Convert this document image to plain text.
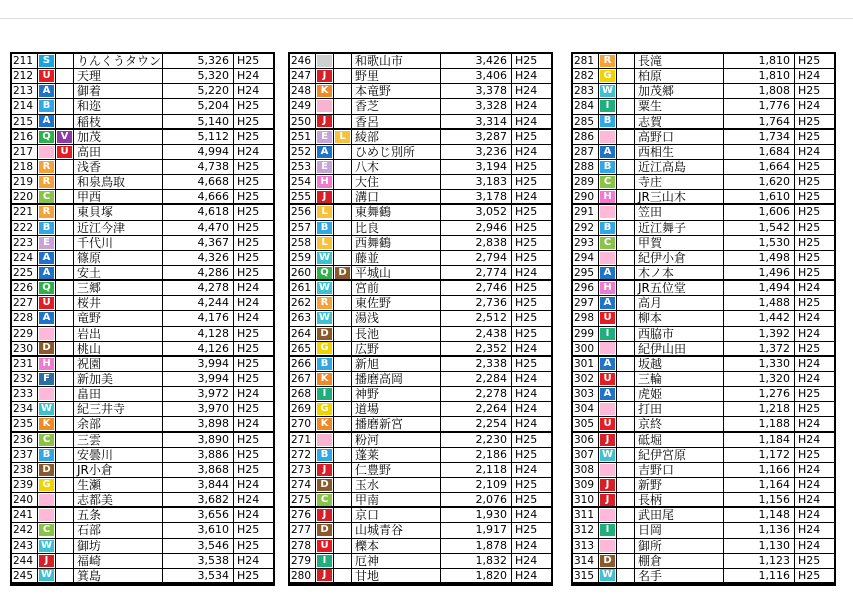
211 S	りんくうタウン	5,326 H25
212 U 天理	5,320 H24
213 A	御着	5,220 H24
214 B	和迩	5,204 H25
215 A	稲枝	5,140 H25
216 Q V 加茂	5,112 H25
217	U 高田	4,994 H24
218 R	浅香	4,738 H25
219 R	和泉鳥取	4,668 H25
220 C	甲西	4,666 H25
221 R	東貝塚	4,618 H25
222 B	近江今津	4,470 H25
223	E	千代川	4,367 H25
224 A	篠原	4,326 H25
225 A	安土	4,286 H25
226 Q 三郷	4,278 H24
227 U 桜井	4,244 H24
228 A	竜野	4,176 H24
229	岩出	4,128 H25
230 D 桃山	4,126 H25
231 H 祝園	3,994 H25
232	F	新加美	3,994 H25
233	畠田	3,972 H24
234 W 紀三井寺	3,970 H25
235 K	余部	3,898 H24
236 C	三雲	3,890 H25
237 B	安曇川	3,886 H25
238 D JR小倉	3,868 H25
239 G 生瀬	3,844 H24
240	志都美	3,682 H24
241	五条	3,656 H24
242 C	石部	3,610 H25
243 W 御坊	3,546 H25
244	J	福崎	3,538 H24
245 W 箕島	3,534 H25
246	和歌山市	3,426 H25
247	J	野里	3,406 H24
248 K	本竜野	3,378 H24
249	香芝	3,328 H24
250	J	香呂	3,314 H24
251	E	L 綾部	3,287 H25
252 A	ひめじ別所	3,236 H24
253	E	八木	3,194 H25
254 H 大住	3,183 H25
255	J	溝口	3,178 H24
256	L	東舞鶴	3,052 H25
257 B	比良	2,946 H25
258	L	西舞鶴	2,838 H25
259 W 藤並	2,794 H25
260 Q D 平城山	2,774 H24
261 W 宮前	2,746 H25
262 R	東佐野	2,736 H25
263 W 湯浅	2,512 H25
264 D 長池	2,438 H25
265 G 広野	2,352 H24
266 B	新旭	2,338 H25
267 K	播磨高岡	2,284 H24
268	I	神野	2,278 H24
269 G 道場	2,264 H24
270 K	播磨新宮	2,254 H24
271	粉河	2,230 H25
272 B	蓬莱	2,186 H25
273	J	仁豊野	2,118 H24
274 D 玉水	2,109 H25
275 C	甲南	2,076 H25
276	J	京口	1,930 H24
277 D 山城青谷	1,917 H25
278 U 櫟本	1,878 H24
279	I	厄神	1,832 H24
280	J	甘地	1,820 H24
281 R	長滝	1,810 H25
282 G 柏原	1,810 H24
283 W 加茂郷	1,808 H25
284	I	粟生	1,776 H24
285 B	志賀	1,764 H25
286	高野口	1,734 H25
287 A	西相生	1,684 H24
288 B	近江高島	1,664 H25
289 C	寺庄	1,620 H25
290 H JR三山木	1,610 H25
291	笠田	1,606 H25
292 B	近江舞子	1,542 H25
293 C	甲賀	1,530 H25
294	紀伊小倉	1,498 H25
295 A	木ノ本	1,496 H25
296 H JR五位堂	1,494 H24
297 A	高月	1,488 H25
298 U 柳本	1,442 H24
299	I	西脇市	1,392 H24
300	紀伊山田	1,372 H25
301 A	坂越	1,330 H24
302 U 三輪	1,320 H24
303 A	虎姫	1,276 H25
304	打田	1,218 H25
305 U 京終	1,188 H24
306	J	砥堀	1,184 H24
307 W 紀伊宮原	1,172 H25
308	吉野口	1,166 H24
309	J	新野	1,164 H24
310	J	長柄	1,156 H24
311	武田尾	1,148 H24
312	I	日岡	1,136 H24
313	御所	1,130 H24
314 D 棚倉	1,123 H25
315 W 名手	1,116 H25
